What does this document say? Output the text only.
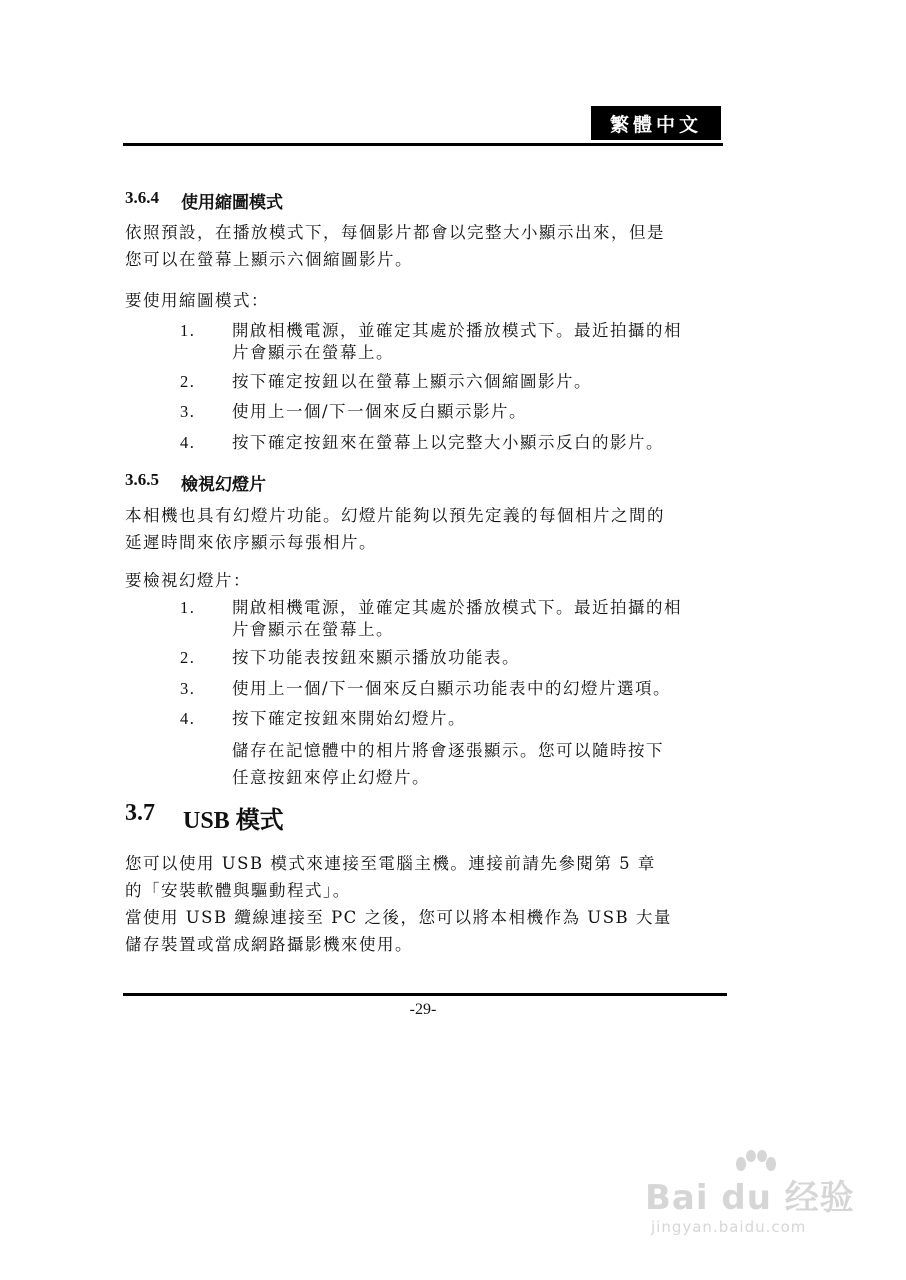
繁體中文
3.6.4 使用縮圖模式
依照預設，在播放模式下，每個影片都會以完整大小顯示出來，但是
您可以在螢幕上顯示六個縮圖影片。
要使用縮圖模式：
1.	開啟相機電源，並確定其處於播放模式下。最近拍攝的相
片會顯示在螢幕上。
2.	按下確定按鈕以在螢幕上顯示六個縮圖影片。
3.	使用上一個/下一個來反白顯示影片。
4.	按下確定按鈕來在螢幕上以完整大小顯示反白的影片。
3.6.5 檢視幻燈片
本相機也具有幻燈片功能。幻燈片能夠以預先定義的每個相片之間的
延遲時間來依序顯示每張相片。
要檢視幻燈片：
1.	開啟相機電源，並確定其處於播放模式下。最近拍攝的相
片會顯示在螢幕上。
2.	按下功能表按鈕來顯示播放功能表。
3.	使用上一個/下一個來反白顯示功能表中的幻燈片選項。
4.	按下確定按鈕來開始幻燈片。
儲存在記憶體中的相片將會逐張顯示。您可以隨時按下
任意按鈕來停止幻燈片。
3.7 USB 模式
您可以使用 USB 模式來連接至電腦主機。連接前請先參閱第 5 章
的「安裝軟體與驅動程式」。
當使用 USB 纜線連接至 PC 之後，您可以將本相機作為 USB 大量
儲存裝置或當成網路攝影機來使用。
-29-
Bai du 经验
jingyan.baidu.com
